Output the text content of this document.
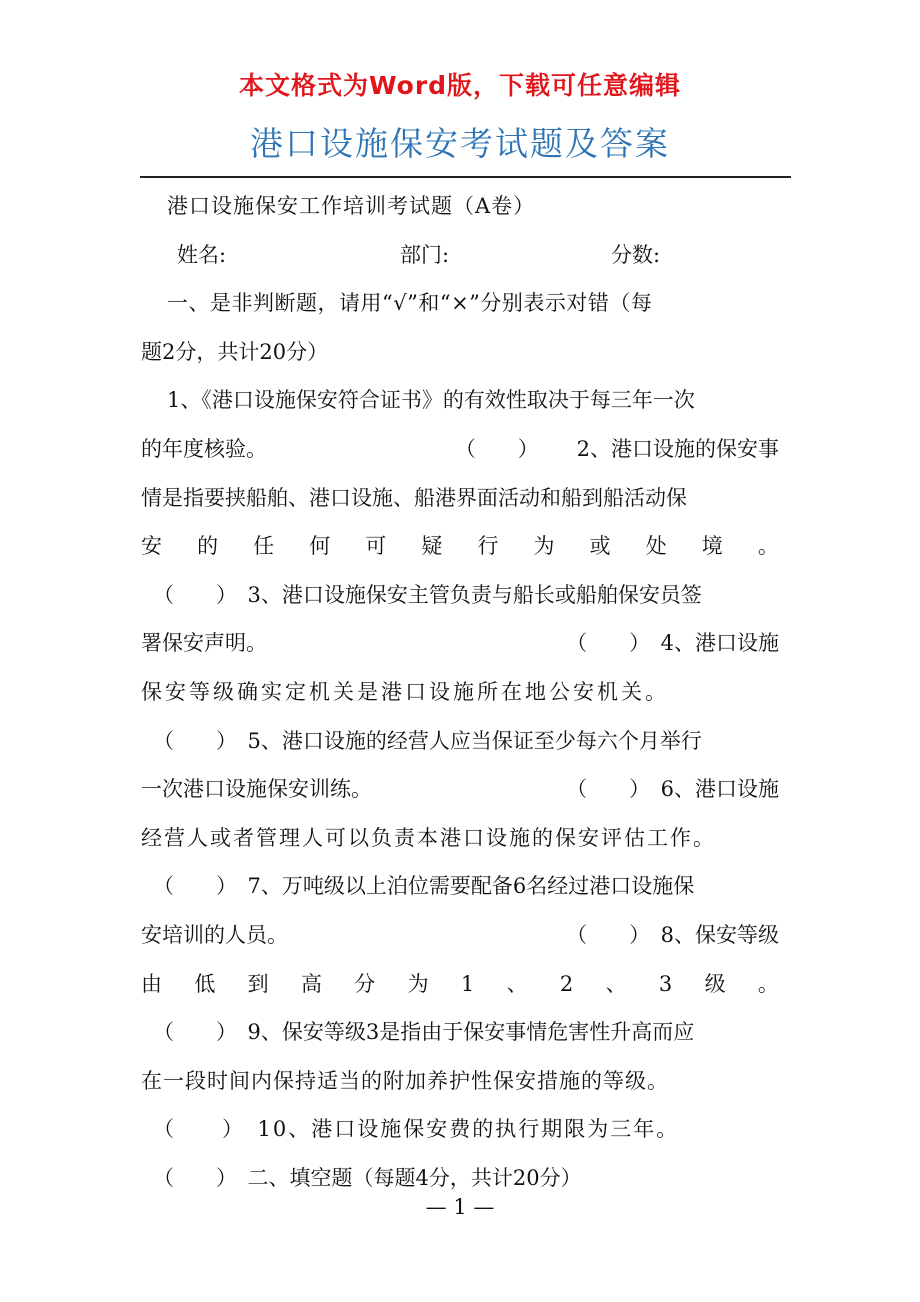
本文格式为Word版，下载可任意编辑
港口设施保安考试题及答案
港口设施保安工作培训考试题（A卷）
姓名:	部门:	分数:
一、是非判断题，请用“√”和“×”分别表示对错（每
题2分，共计20分）
1、《港口设施保安符合证书》的有效性取决于每三年一次
的年度核验。	（　　） 2、港口设施的保安事
情是指要挟船舶、港口设施、船港界面活动和船到船活动保
安 的 任 何 可 疑 行 为 或 处 境 。
（　　）　3、港口设施保安主管负责与船长或船舶保安员签
署保安声明。	（　　）　4、港口设施
保安等级确实定机关是港口设施所在地公安机关。
（　　）　5、港口设施的经营人应当保证至少每六个月举行
一次港口设施保安训练。	（　　）　6、港口设施
经营人或者管理人可以负责本港口设施的保安评估工作。
（　　）　7、万吨级以上泊位需要配备6名经过港口设施保
安培训的人员。	（　　）　8、保安等级
由 低 到 高 分 为 1 、 2 、 3 级 。
（　　）　9、保安等级3是指由于保安事情危害性升高而应
在一段时间内保持适当的附加养护性保安措施的等级。
（　　）　10、港口设施保安费的执行期限为三年。
（　　）　二、填空题（每题4分，共计20分）
— 1 —
